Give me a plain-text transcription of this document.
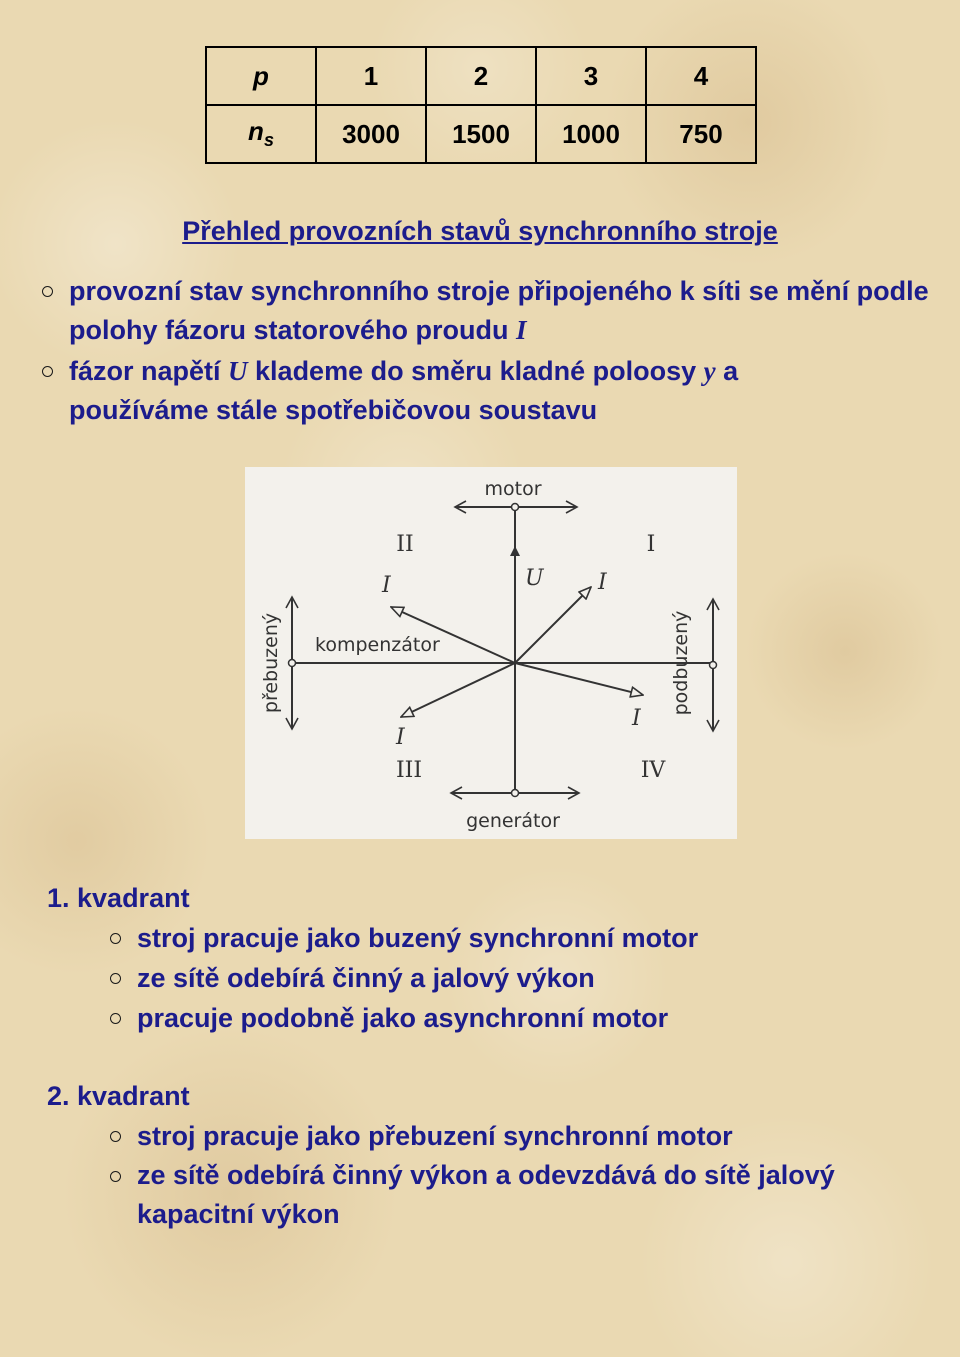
p	1	2	3	4
$n_s$	3000	1500	1000	750
Přehled provozních stavů synchronního stroje
provozní stav synchronního stroje připojeného k síti se mění podle polohy fázoru statorového proudu I
fázor napětí U klademe do směru kladné poloosy y a používáme stále spotřebičovou soustavu
motor
generátor
kompenzátor
přebuzený	podbuzený
U I
I
I
I
I
II
III	IV

1. kvadrant

stroj pracuje jako buzený synchronní motor
ze sítě odebírá činný a jalový výkon
pracuje podobně jako asynchronní motor

2. kvadrant

stroj pracuje jako přebuzení synchronní motor
ze sítě odebírá činný výkon a odevzdává do sítě jalový kapacitní výkon
